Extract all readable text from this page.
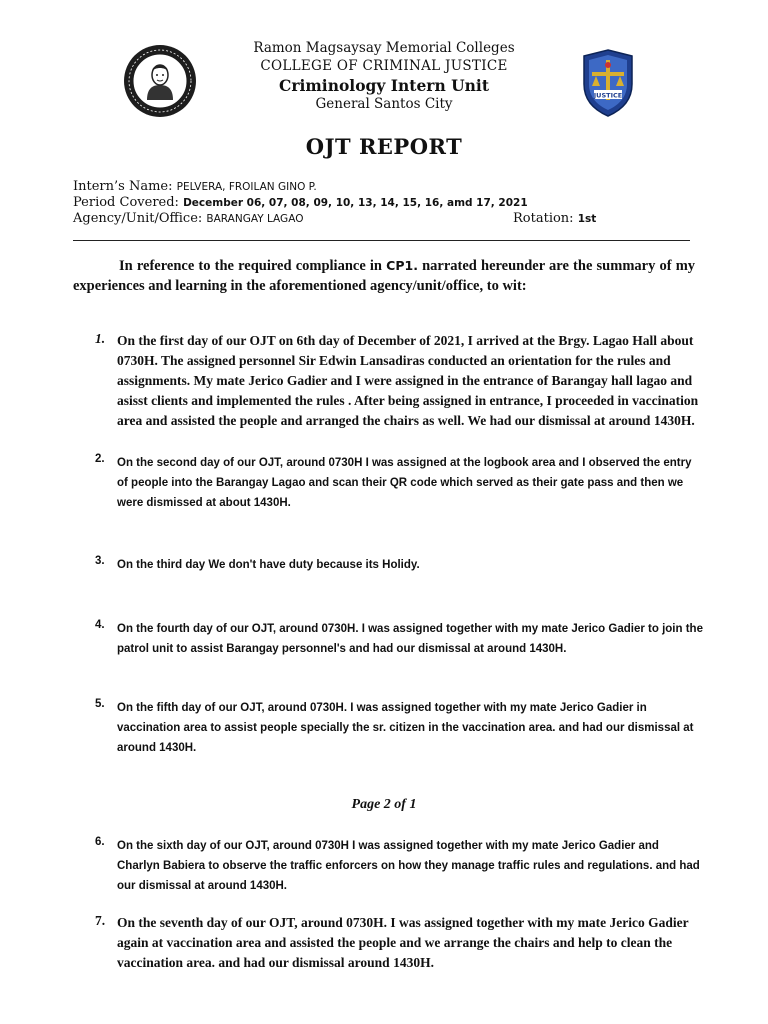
JUSTICE
Ramon Magsaysay Memorial Colleges
COLLEGE OF CRIMINAL JUSTICE
Criminology Intern Unit
General Santos City
OJT REPORT
Intern’s Name: PELVERA, FROILAN GINO P.
Period Covered: December 06, 07, 08, 09, 10, 13, 14, 15, 16, amd 17, 2021
Agency/Unit/Office: BARANGAY LAGAO	Rotation: 1st
In reference to the required compliance in CP1. narrated hereunder are the summary of my experiences and learning in the aforementioned agency/unit/office, to wit:
1. On the first day of our OJT on 6th day of December of 2021, I arrived at the Brgy. Lagao Hall about 0730H. The assigned personnel Sir Edwin Lansadiras conducted an orientation for the rules and assignments. My mate Jerico Gadier and I were assigned in the entrance of Barangay hall lagao and asisst clients and implemented the rules . After being assigned in entrance, I proceeded in vaccination area and assisted the people and arranged the chairs as well. We had our dismissal at around 1430H.
2.	On the second day of our OJT, around 0730H I was assigned at the logbook area and I observed the entry of people into the Barangay Lagao and scan their QR code which served as their gate pass and then we were dismissed at about 1430H.
3.	On the third day We don't have duty because its Holidy.
4.	On the fourth day of our OJT, around 0730H. I was assigned together with my mate Jerico Gadier to join the patrol unit to assist Barangay personnel's and had our dismissal at around 1430H.
5.	On the fifth day of our OJT, around 0730H. I was assigned together with my mate Jerico Gadier in vaccination area to assist people specially the sr. citizen in the vaccination area. and had our dismissal at around 1430H.
Page 2 of 1
6.	On the sixth day of our OJT, around 0730H I was assigned together with my mate Jerico Gadier and Charlyn Babiera to observe the traffic enforcers on how they manage traffic rules and regulations. and had our dismissal at around 1430H.
7. On the seventh day of our OJT, around 0730H. I was assigned together with my mate Jerico Gadier again at vaccination area and assisted the people and we arrange the chairs and help to clean the vaccination area. and had our dismissal around 1430H.
